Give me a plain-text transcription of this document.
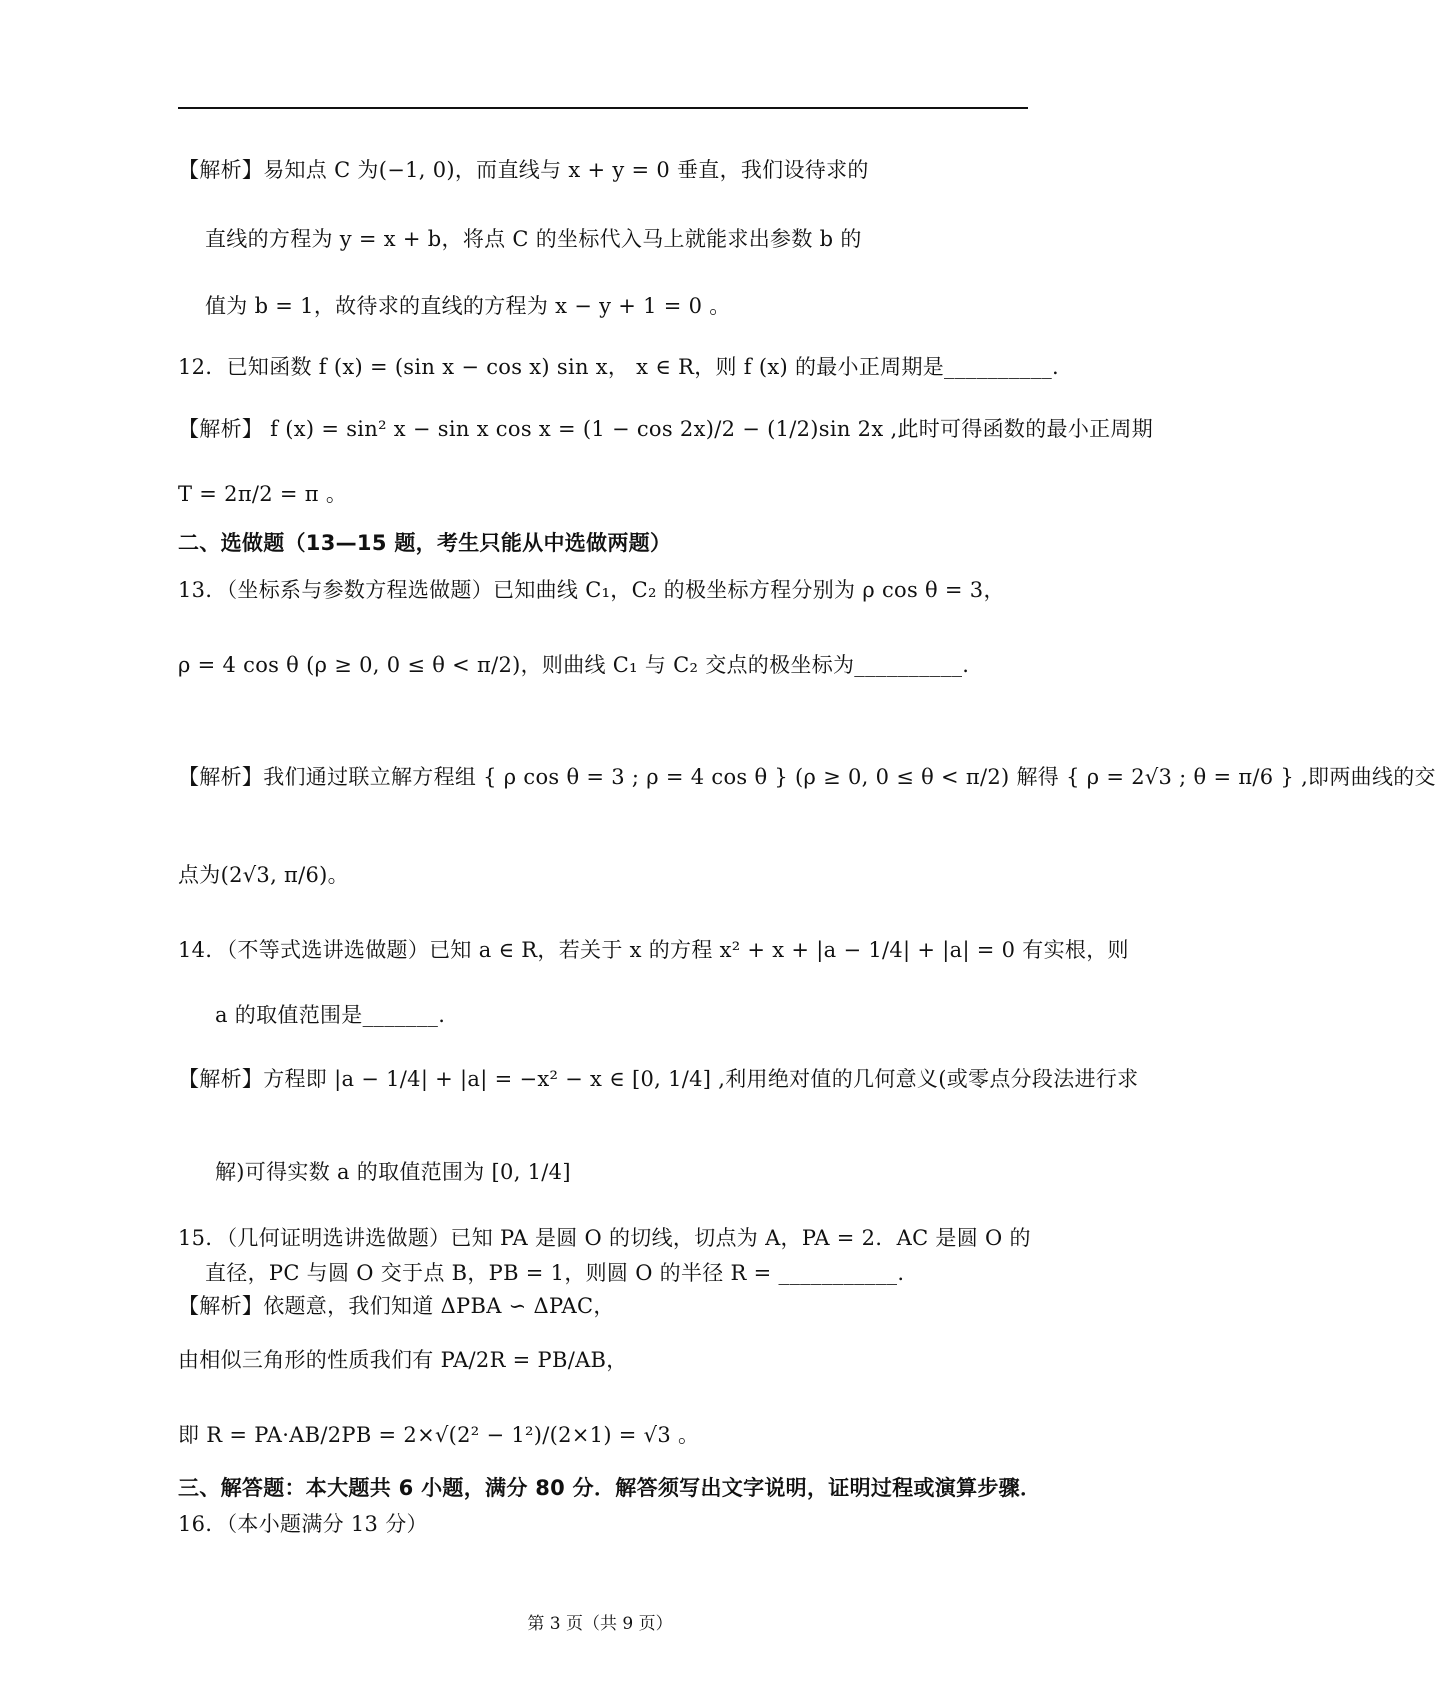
【解析】易知点 C 为(−1, 0)，而直线与 x + y = 0 垂直，我们设待求的
直线的方程为 y = x + b，将点 C 的坐标代入马上就能求出参数 b 的
值为 b = 1，故待求的直线的方程为 x − y + 1 = 0 。
12．已知函数 f (x) = (sin x − cos x) sin x， x ∈ R，则 f (x) 的最小正周期是__________.
【解析】 f (x) = sin² x − sin x cos x = (1 − cos 2x)/2 − (1/2)sin 2x ,此时可得函数的最小正周期
T = 2π/2 = π 。
二、选做题（13—15 题，考生只能从中选做两题）
13．（坐标系与参数方程选做题）已知曲线 C₁，C₂ 的极坐标方程分别为 ρ cos θ = 3，
ρ = 4 cos θ (ρ ≥ 0, 0 ≤ θ < π/2)，则曲线 C₁ 与 C₂ 交点的极坐标为__________.
【解析】我们通过联立解方程组 { ρ cos θ = 3 ; ρ = 4 cos θ } (ρ ≥ 0, 0 ≤ θ < π/2) 解得 { ρ = 2√3 ; θ = π/6 } ,即两曲线的交
点为(2√3, π/6)。
14．（不等式选讲选做题）已知 a ∈ R，若关于 x 的方程 x² + x + |a − 1/4| + |a| = 0 有实根，则
a 的取值范围是_______.
【解析】方程即 |a − 1/4| + |a| = −x² − x ∈ [0, 1/4] ,利用绝对值的几何意义(或零点分段法进行求
解)可得实数 a 的取值范围为 [0, 1/4]
15．（几何证明选讲选做题）已知 PA 是圆 O 的切线，切点为 A，PA = 2．AC 是圆 O 的
直径，PC 与圆 O 交于点 B，PB = 1，则圆 O 的半径 R = ___________.
【解析】依题意，我们知道 ΔPBA ∽ ΔPAC，
由相似三角形的性质我们有 PA/2R = PB/AB，
即 R = PA·AB/2PB = 2×√(2² − 1²)/(2×1) = √3 。
三、解答题：本大题共 6 小题，满分 80 分．解答须写出文字说明，证明过程或演算步骤．
16．（本小题满分 13 分）
第 3 页（共 9 页）
